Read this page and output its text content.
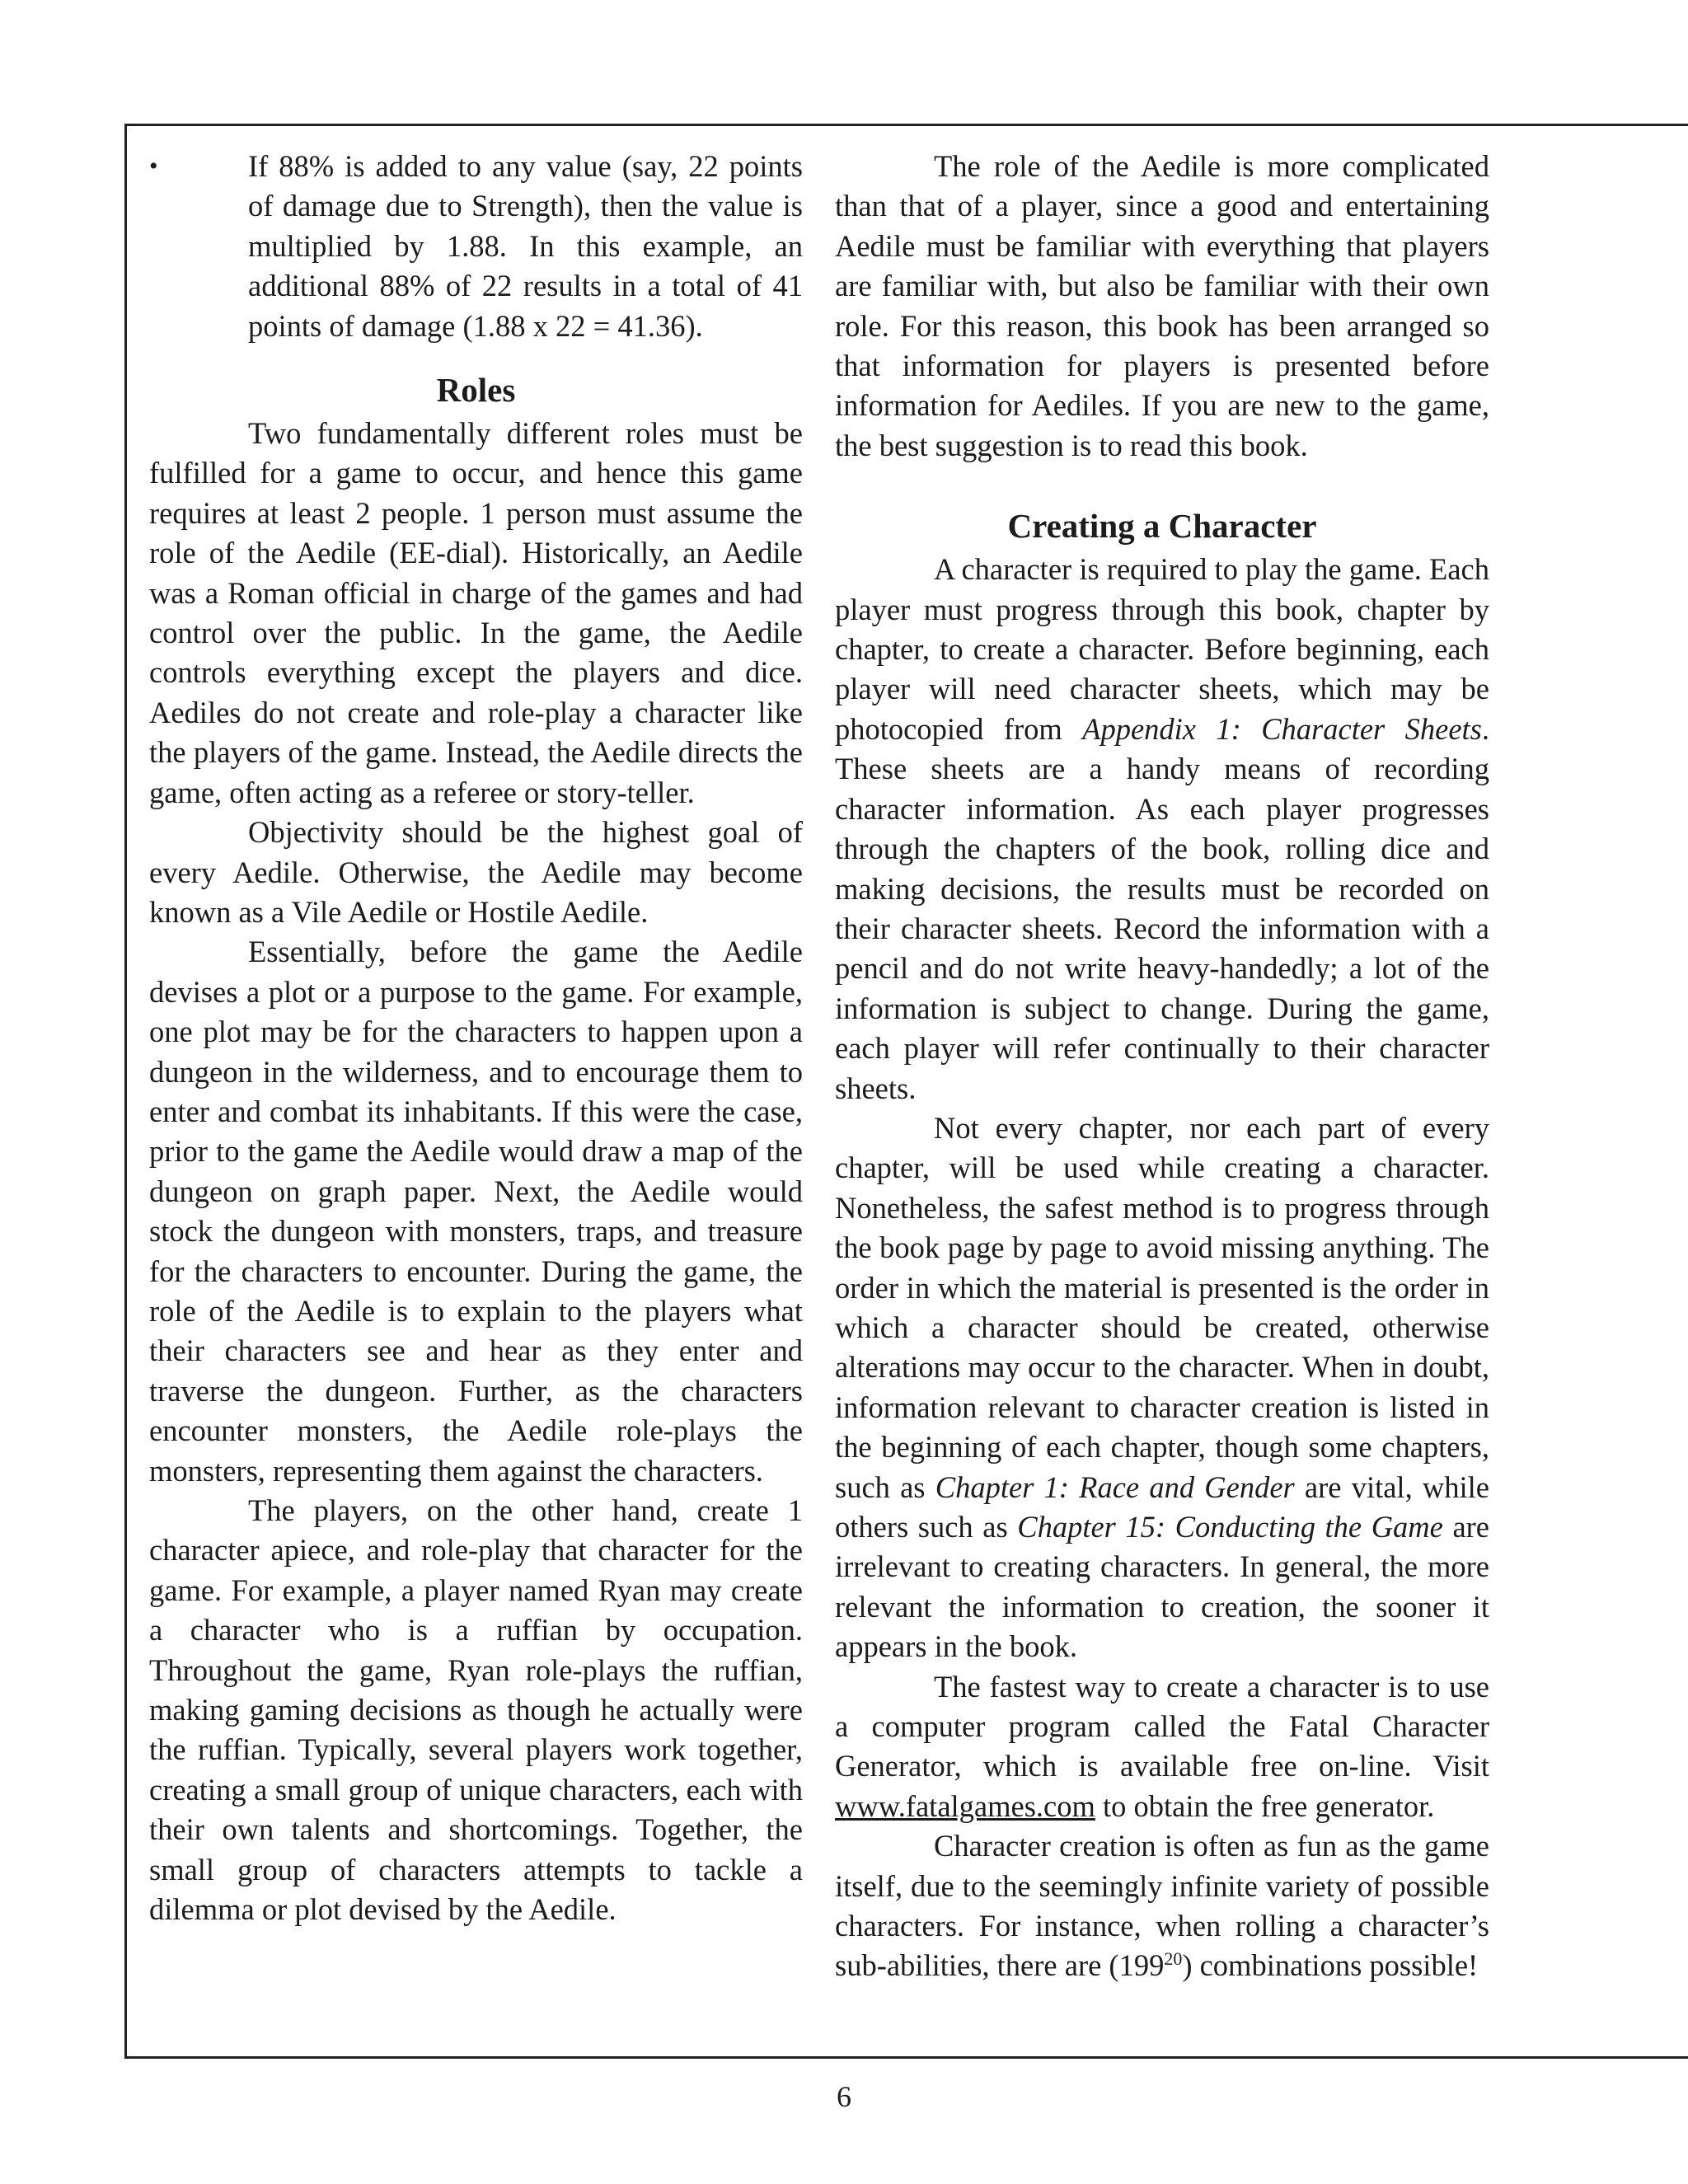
•	If 88% is added to any value (say, 22 points of damage due to Strength), then the value is multiplied by 1.88. In this example, an additional 88% of 22 results in a total of 41 points of damage (1.88 x 22 = 41.36).
Roles

Two fundamentally different roles must be fulfilled for a game to occur, and hence this game requires at least 2 people. 1 person must assume the role of the Aedile (EE-dial). Historically, an Aedile was a Roman official in charge of the games and had control over the public. In the game, the Aedile controls everything except the players and dice. Aediles do not create and role-play a character like the players of the game. Instead, the Aedile directs the game, often acting as a referee or story-teller.

Objectivity should be the highest goal of every Aedile. Otherwise, the Aedile may become known as a Vile Aedile or Hostile Aedile.

Essentially, before the game the Aedile devises a plot or a purpose to the game. For example, one plot may be for the characters to happen upon a dungeon in the wilderness, and to encourage them to enter and combat its inhabitants. If this were the case, prior to the game the Aedile would draw a map of the dungeon on graph paper. Next, the Aedile would stock the dungeon with monsters, traps, and treasure for the characters to encounter. During the game, the role of the Aedile is to explain to the players what their characters see and hear as they enter and traverse the dungeon. Further, as the characters encounter monsters, the Aedile role-plays the monsters, representing them against the characters.

The players, on the other hand, create 1 character apiece, and role-play that character for the game. For example, a player named Ryan may create a character who is a ruffian by occupation. Throughout the game, Ryan role-plays the ruffian, making gaming decisions as though he actually were the ruffian. Typically, several players work together, creating a small group of unique characters, each with their own talents and shortcomings. Together, the small group of characters attempts to tackle a dilemma or plot devised by the Aedile.

The role of the Aedile is more complicated than that of a player, since a good and entertaining Aedile must be familiar with everything that players are familiar with, but also be familiar with their own role. For this reason, this book has been arranged so that information for players is presented before information for Aediles. If you are new to the game, the best suggestion is to read this book.

Creating a Character

A character is required to play the game. Each player must progress through this book, chapter by chapter, to create a character. Before beginning, each player will need character sheets, which may be photocopied from Appendix 1: Character Sheets. These sheets are a handy means of recording character information. As each player progresses through the chapters of the book, rolling dice and making decisions, the results must be recorded on their character sheets. Record the information with a pencil and do not write heavy-handedly; a lot of the information is subject to change. During the game, each player will refer continually to their character sheets.

Not every chapter, nor each part of every chapter, will be used while creating a character. Nonetheless, the safest method is to progress through the book page by page to avoid missing anything. The order in which the material is presented is the order in which a character should be created, otherwise alterations may occur to the character. When in doubt, information relevant to character creation is listed in the beginning of each chapter, though some chapters, such as Chapter 1: Race and Gender are vital, while others such as Chapter 15: Conducting the Game are irrelevant to creating characters. In general, the more relevant the information to creation, the sooner it appears in the book.

The fastest way to create a character is to use a computer program called the Fatal Character Generator, which is available free on-line. Visit www.fatalgames.com to obtain the free generator.

Character creation is often as fun as the game itself, due to the seemingly infinite variety of possible characters. For instance, when rolling a character’s sub-abilities, there are $(199^{20})$ combinations possible!

6
